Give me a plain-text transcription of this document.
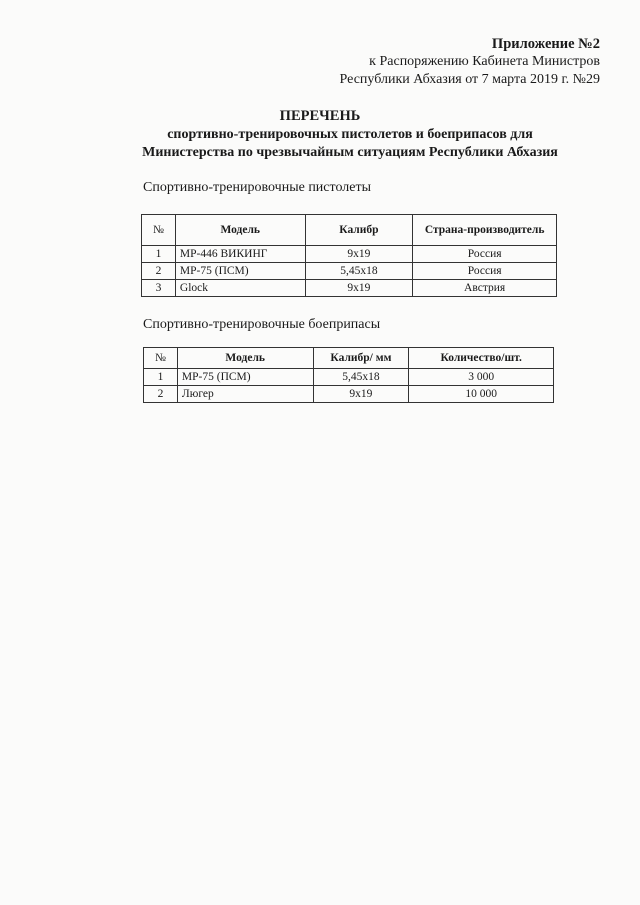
Приложение №2
к Распоряжению Кабинета Министров
Республики Абхазия от 7 марта 2019 г. №29
ПЕРЕЧЕНЬ
спортивно-тренировочных пистолетов и боеприпасов для
Министерства по чрезвычайным ситуациям Республики Абхазия
Спортивно-тренировочные пистолеты
№	Модель	Калибр	Страна-производитель
1	МР-446 ВИКИНГ	9х19	Россия
2	МР-75 (ПСМ)	5,45х18	Россия
3	Glock	9х19	Австрия
Спортивно-тренировочные боеприпасы
№	Модель	Калибр/ мм	Количество/шт.
1	МР-75 (ПСМ)	5,45х18	3 000
2	Люгер	9х19	10 000
